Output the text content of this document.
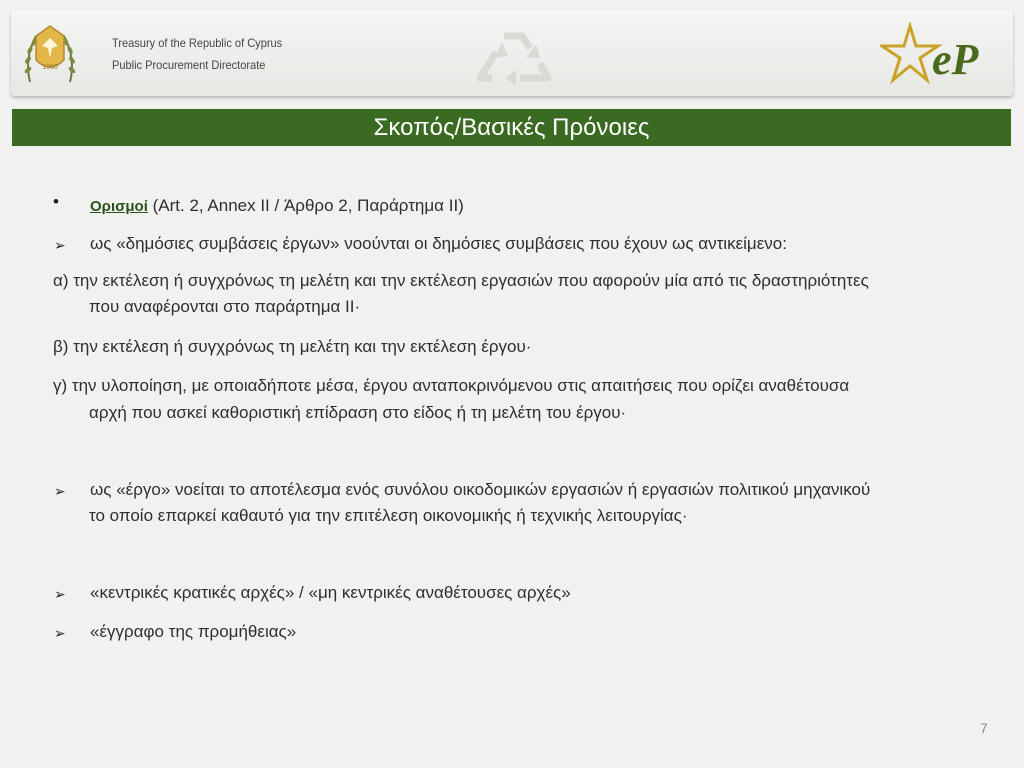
1960
Treasury of the Republic of Cyprus
Public Procurement Directorate	eP
Σκοπός/Βασικές Πρόνοιες
• Ορισμοί (Art. 2, Annex II / Άρθρο 2, Παράρτημα II)
➢ ως «δημόσιες συμβάσεις έργων» νοούνται οι δημόσιες συμβάσεις που έχουν ως αντικείμενο:
α) την εκτέλεση ή συγχρόνως τη μελέτη και την εκτέλεση εργασιών που αφορούν μία από τις δραστηριότητες
που αναφέρονται στο παράρτημα II·
β) την εκτέλεση ή συγχρόνως τη μελέτη και την εκτέλεση έργου·
γ) την υλοποίηση, με οποιαδήποτε μέσα, έργου ανταποκρινόμενου στις απαιτήσεις που ορίζει αναθέτουσα
αρχή που ασκεί καθοριστική επίδραση στο είδος ή τη μελέτη του έργου·
➢ ως «έργο» νοείται το αποτέλεσμα ενός συνόλου οικοδομικών εργασιών ή εργασιών πολιτικού μηχανικού
το οποίο επαρκεί καθαυτό για την επιτέλεση οικονομικής ή τεχνικής λειτουργίας·
➢ «κεντρικές κρατικές αρχές» / «μη κεντρικές αναθέτουσες αρχές»
➢ «έγγραφο της προμήθειας»
7
